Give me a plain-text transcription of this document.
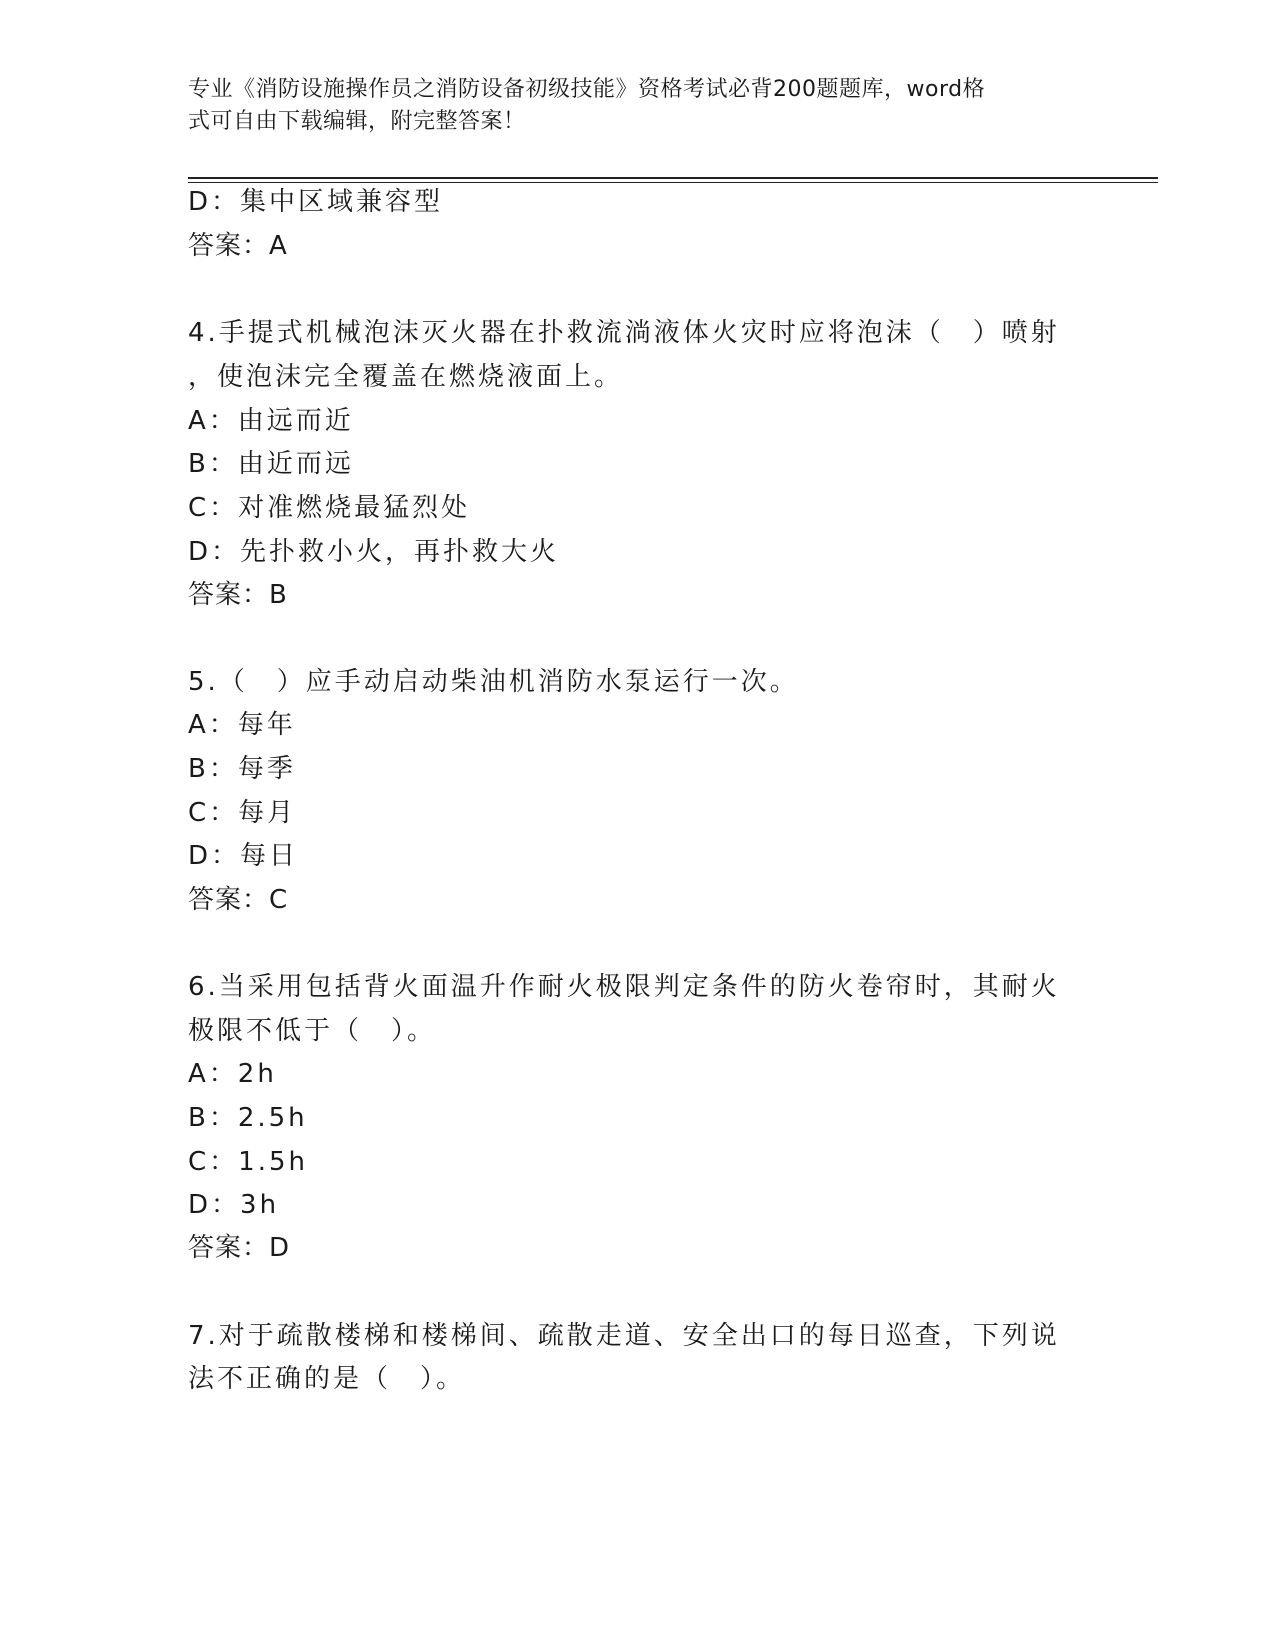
专业《消防设施操作员之消防设备初级技能》资格考试必背200题题库，word格
式可自由下载编辑，附完整答案！
D：集中区域兼容型
答案：A
4.手提式机械泡沫灭火器在扑救流淌液体火灾时应将泡沫（　）喷射
，使泡沫完全覆盖在燃烧液面上。
A：由远而近
B：由近而远
C：对准燃烧最猛烈处
D：先扑救小火，再扑救大火
答案：B
5.（　）应手动启动柴油机消防水泵运行一次。
A：每年
B：每季
C：每月
D：每日
答案：C
6.当采用包括背火面温升作耐火极限判定条件的防火卷帘时，其耐火
极限不低于（　）。
A：2h
B：2.5h
C：1.5h
D：3h
答案：D
7.对于疏散楼梯和楼梯间、疏散走道、安全出口的每日巡查，下列说
法不正确的是（　）。
